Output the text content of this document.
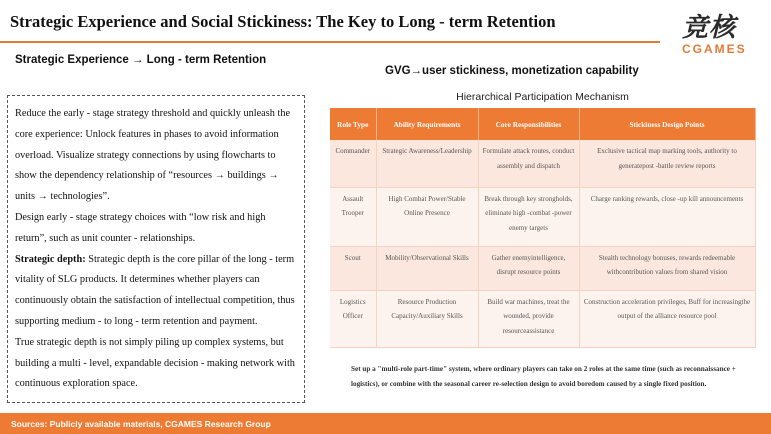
Strategic Experience and Social Stickiness: The Key to Long - term Retention	竞核
CGAMES
Strategic Experience → Long - term Retention
GVG→user stickiness, monetization capability

Reduce the early - stage strategy threshold and quickly unleash the core experience: Unlock features in phases to avoid information overload. Visualize strategy connections by using flowcharts to show the dependency relationship of “resources → buildings → units → technologies”.

Design early - stage strategy choices with “low risk and high return”, such as unit counter - relationships.

Strategic depth: Strategic depth is the core pillar of the long - term vitality of SLG products. It determines whether players can continuously obtain the satisfaction of intellectual competition, thus supporting medium - to long - term retention and payment.

True strategic depth is not simply piling up complex systems, but building a multi - level, expandable decision - making network with continuous exploration space.

Hierarchical Participation Mechanism
Role Type	Ability Requirements	Core Responsibilities	Stickiness Design Points
Commander	Strategic Awareness/Leadership	Formulate attack routes, conduct assembly and dispatch	Exclusive tactical map marking tools, authority to generatepost -battle review reports
Assault Trooper	High Combat Power/Stable Online Presence	Break through key strongholds, eliminate high -combat -power enemy targets	Charge ranking rewards, close -up kill announcements
Scout	Mobility/Observational Skills	Gather enemyintelligence, disrupt resource points	Stealth technology bonuses, rewards redeemable withcontribution values from shared vision
Logistics Officer	Resource Production Capacity/Auxiliary Skills	Build war machines, treat the wounded, provide resourceassistance	Construction acceleration privileges, Buff for increasingthe output of the alliance resource pool
Set up a "multi-role part-time" system, where ordinary players can take on 2 roles at the same time (such as reconnaissance + logistics), or combine with the seasonal career re-selection design to avoid boredom caused by a single fixed position.
Sources: Publicly available materials, CGAMES Research Group
